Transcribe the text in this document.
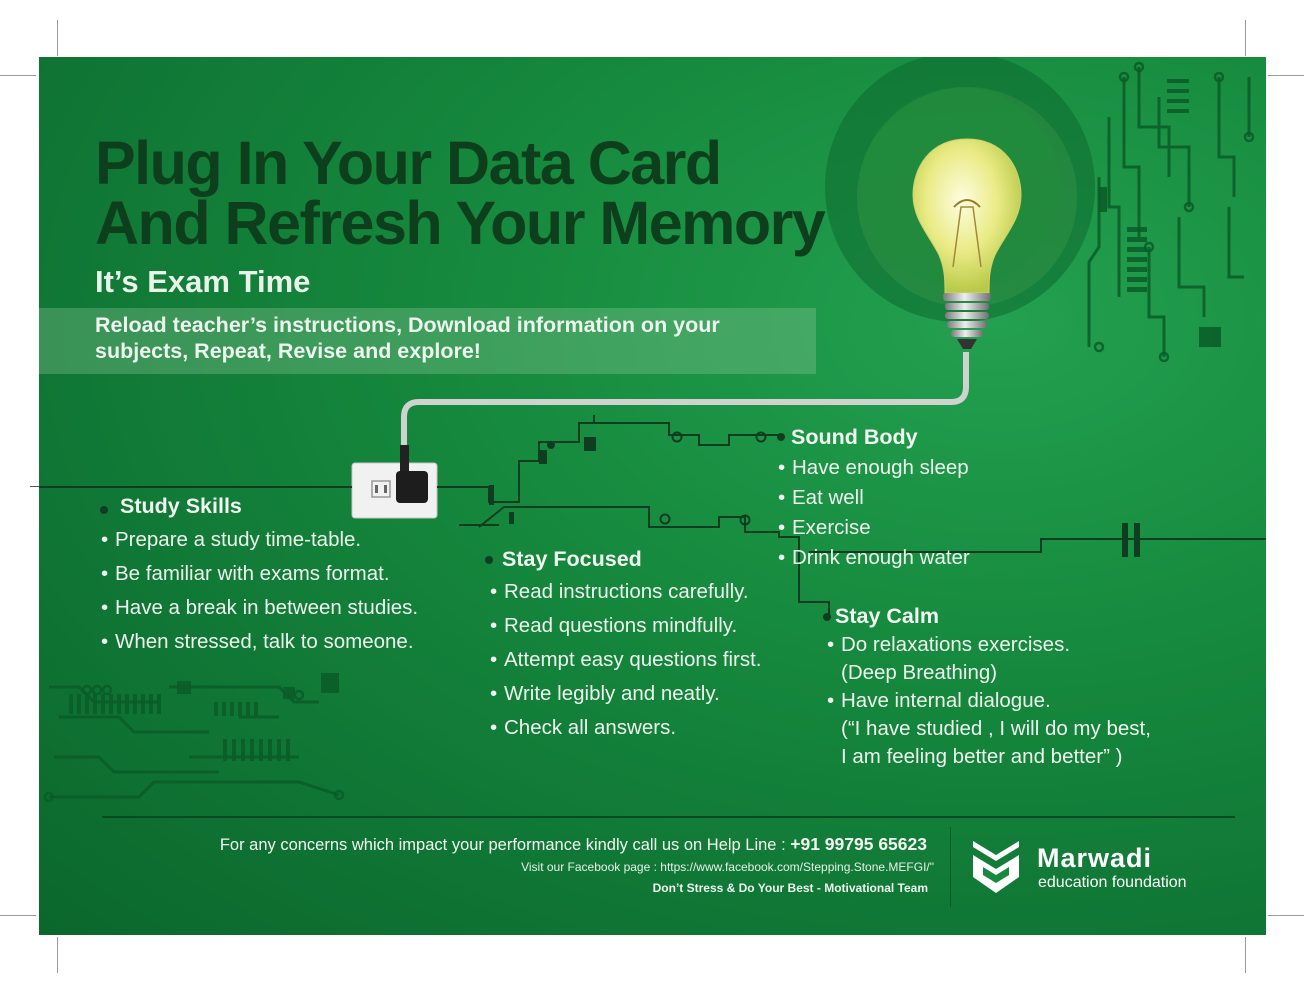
Plug In Your Data Card
And Refresh Your Memory
It’s Exam Time
Reload teacher’s instructions, Download information on your subjects, Repeat, Revise and explore!
Study Skills
• Prepare a study time-table.
• Be familiar with exams format.
• Have a break in between studies.
• When stressed, talk to someone.
Stay Focused
• Read instructions carefully.
• Read questions mindfully.
• Attempt easy questions first.
• Write legibly and neatly.
• Check all answers.
Sound Body
• Have enough sleep
• Eat well
• Exercise
• Drink enough water
Stay Calm
• Do relaxations exercises.
(Deep Breathing)
• Have internal dialogue.
(“I have studied , I will do my best,
I am feeling better and better” )
For any concerns which impact your performance kindly call us on Help Line : +91 99795 65623
Visit our Facebook page : https://www.facebook.com/Stepping.Stone.MEFGI/"
Don’t Stress & Do Your Best - Motivational Team
Marwadi
education foundation
